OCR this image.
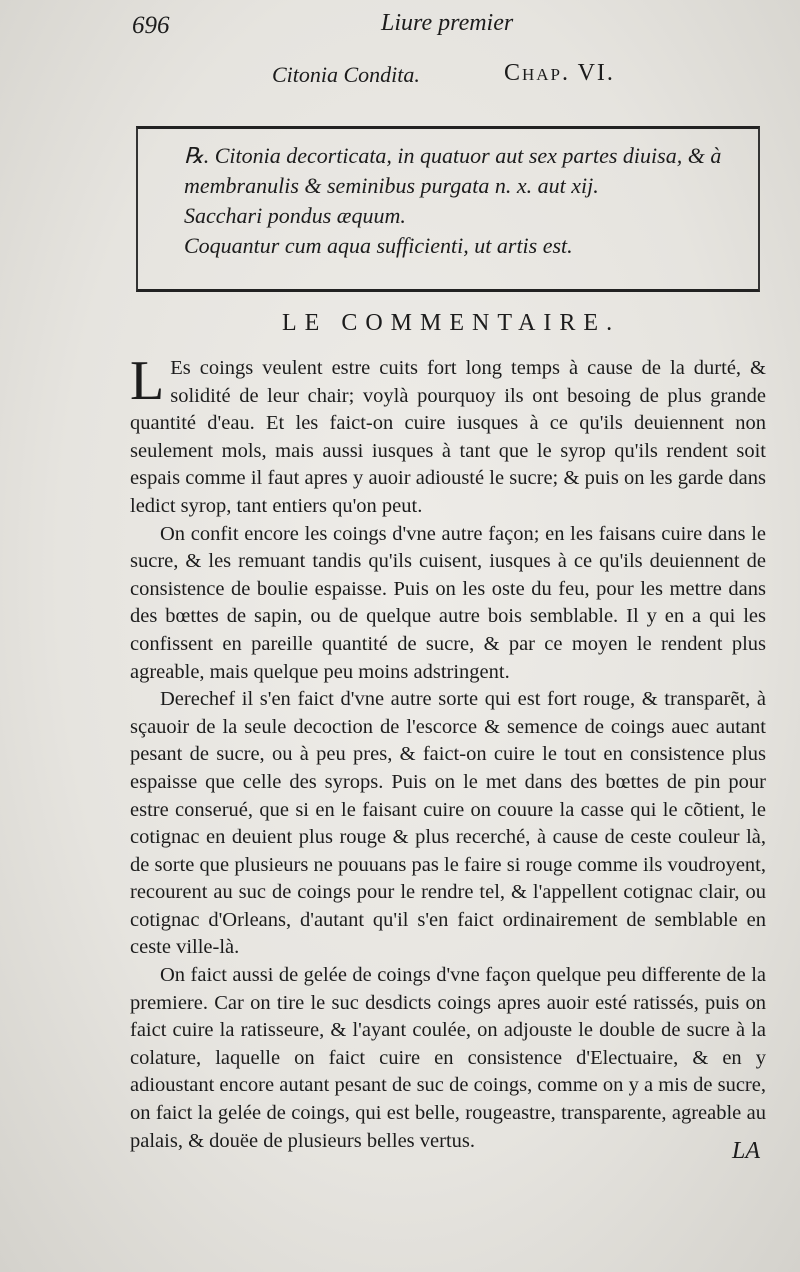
696	Liure premier
Citonia Condita.	Chap. VI.
℞. Citonia decorticata, in quatuor aut sex partes diuisa, & à
membranulis & seminibus purgata n. x. aut xij.
Sacchari pondus æquum.
Coquantur cum aqua sufficienti, ut artis est.
LE COMMENTAIRE.

L Es coings veulent estre cuits fort long temps à cause de la durté, & solidité de leur chair; voylà pourquoy ils ont besoing de plus grande quantité d'eau. Et les faict-on cuire iusques à ce qu'ils deuiennent non seulement mols, mais aussi iusques à tant que le syrop qu'ils rendent soit espais comme il faut apres y auoir adiousté le sucre; & puis on les garde dans ledict syrop, tant entiers qu'on peut.

On confit encore les coings d'vne autre façon; en les faisans cuire dans le sucre, & les remuant tandis qu'ils cuisent, iusques à ce qu'ils deuiennent de consistence de boulie espaisse. Puis on les oste du feu, pour les mettre dans des bœttes de sapin, ou de quelque autre bois semblable. Il y en a qui les confissent en pareille quantité de sucre, & par ce moyen le rendent plus agreable, mais quelque peu moins adstringent.

Derechef il s'en faict d'vne autre sorte qui est fort rouge, & transparẽt, à sçauoir de la seule decoction de l'escorce & semence de coings auec autant pesant de sucre, ou à peu pres, & faict-on cuire le tout en consistence plus espaisse que celle des syrops. Puis on le met dans des bœttes de pin pour estre conserué, que si en le faisant cuire on couure la casse qui le cõtient, le cotignac en deuient plus rouge & plus recerché, à cause de ceste couleur là, de sorte que plusieurs ne pouuans pas le faire si rouge comme ils voudroyent, recourent au suc de coings pour le rendre tel, & l'appellent cotignac clair, ou cotignac d'Orleans, d'autant qu'il s'en faict ordinairement de semblable en ceste ville-là.

On faict aussi de gelée de coings d'vne façon quelque peu differente de la premiere. Car on tire le suc desdicts coings apres auoir esté ratissés, puis on faict cuire la ratisseure, & l'ayant coulée, on adjouste le double de sucre à la colature, laquelle on faict cuire en consistence d'Electuaire, & en y adioustant encore autant pesant de suc de coings, comme on y a mis de sucre, on faict la gelée de coings, qui est belle, rougeastre, transparente, agreable au palais, & douëe de plusieurs belles vertus.	LA
